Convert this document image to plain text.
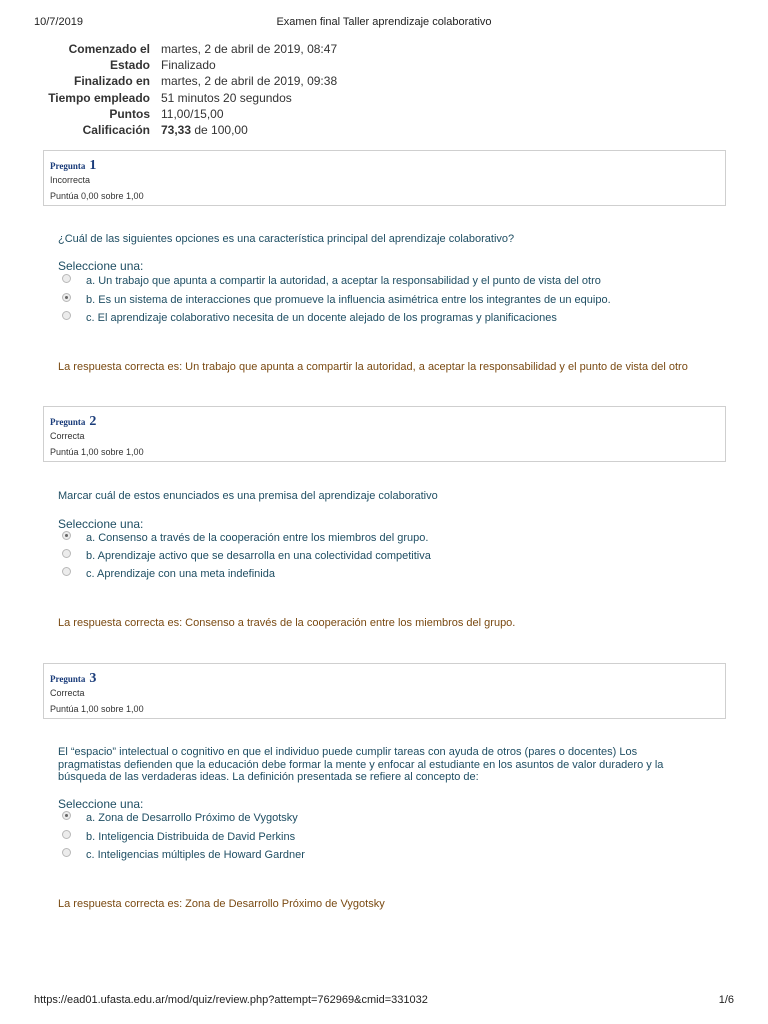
10/7/2019	Examen final Taller aprendizaje colaborativo
Comenzado el martes, 2 de abril de 2019, 08:47
Estado Finalizado
Finalizado en martes, 2 de abril de 2019, 09:38
Tiempo empleado 51 minutos 20 segundos
Puntos 11,00/15,00
Calificación 73,33 de 100,00
Pregunta 1
Incorrecta
Puntúa 0,00 sobre 1,00
¿Cuál de las siguientes opciones es una característica principal del aprendizaje colaborativo?
Seleccione una:
a. Un trabajo que apunta a compartir la autoridad, a aceptar la responsabilidad y el punto de vista del otro
b. Es un sistema de interacciones que promueve la influencia asimétrica entre los integrantes de un equipo.
c. El aprendizaje colaborativo necesita de un docente alejado de los programas y planificaciones
La respuesta correcta es: Un trabajo que apunta a compartir la autoridad, a aceptar la responsabilidad y el punto de vista del otro
Pregunta 2
Correcta
Puntúa 1,00 sobre 1,00
Marcar cuál de estos enunciados es una premisa del aprendizaje colaborativo
Seleccione una:
a. Consenso a través de la cooperación entre los miembros del grupo.
b. Aprendizaje activo que se desarrolla en una colectividad competitiva
c. Aprendizaje con una meta indefinida
La respuesta correcta es: Consenso a través de la cooperación entre los miembros del grupo.
Pregunta 3
Correcta
Puntúa 1,00 sobre 1,00
El “espacio” intelectual o cognitivo en que el individuo puede cumplir tareas con ayuda de otros (pares o docentes) Los pragmatistas defienden que la educación debe formar la mente y enfocar al estudiante en los asuntos de valor duradero y la búsqueda de las verdaderas ideas. La definición presentada se refiere al concepto de:
Seleccione una:
a. Zona de Desarrollo Próximo de Vygotsky
b. Inteligencia Distribuida de David Perkins
c. Inteligencias múltiples de Howard Gardner
La respuesta correcta es: Zona de Desarrollo Próximo de Vygotsky
https://ead01.ufasta.edu.ar/mod/quiz/review.php?attempt=762969&cmid=331032	1/6
